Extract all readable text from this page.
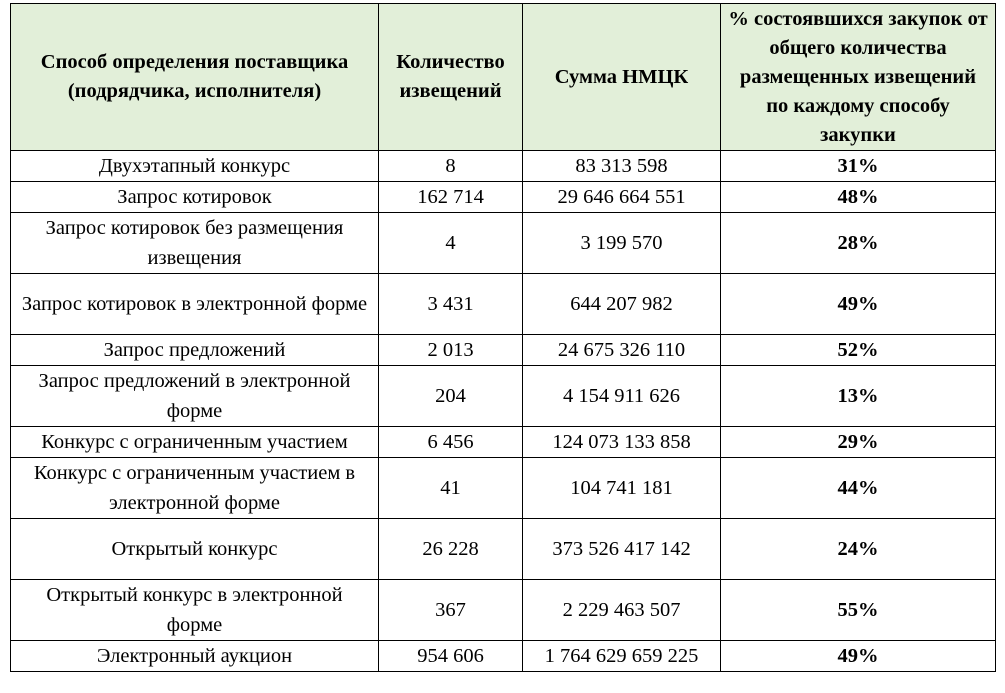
Способ определения поставщика (подрядчика, исполнителя)	Количество извещений	Сумма НМЦК	% состоявшихся закупок от общего количества размещенных извещений по каждому способу закупки
Двухэтапный конкурс	8	83 313 598	31%
Запрос котировок	162 714	29 646 664 551	48%
Запрос котировок без размещения извещения	4	3 199 570	28%
Запрос котировок в электронной форме	3 431	644 207 982	49%
Запрос предложений	2 013	24 675 326 110	52%
Запрос предложений в электронной форме	204	4 154 911 626	13%
Конкурс с ограниченным участием	6 456	124 073 133 858	29%
Конкурс с ограниченным участием в электронной форме	41	104 741 181	44%
Открытый конкурс	26 228	373 526 417 142	24%
Открытый конкурс в электронной форме	367	2 229 463 507	55%
Электронный аукцион	954 606	1 764 629 659 225	49%
